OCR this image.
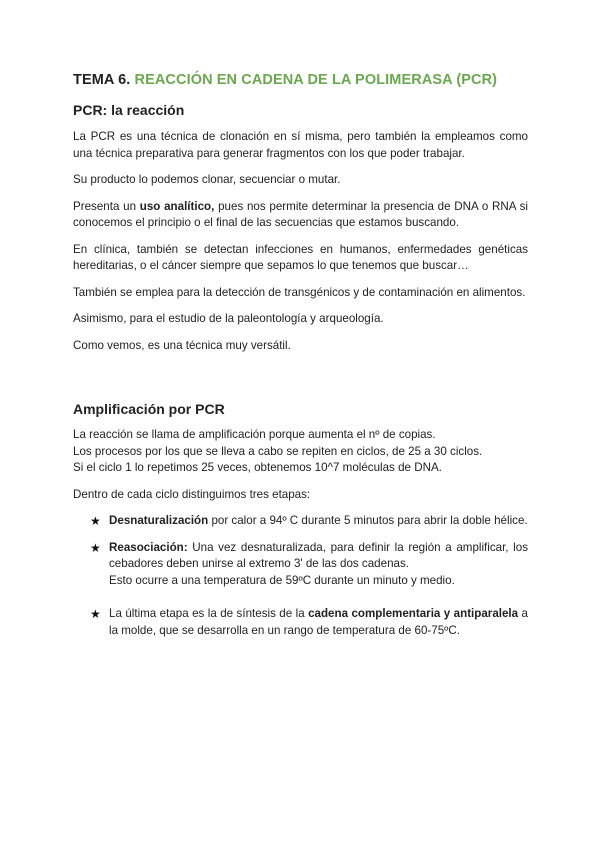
TEMA 6. REACCIÓN EN CADENA DE LA POLIMERASA (PCR)
PCR: la reacción

La PCR es una técnica de clonación en sí misma, pero también la empleamos como una técnica preparativa para generar fragmentos con los que poder trabajar.

Su producto lo podemos clonar, secuenciar o mutar.

Presenta un uso analítico, pues nos permite determinar la presencia de DNA o RNA si conocemos el principio o el final de las secuencias que estamos buscando.

En clínica, también se detectan infecciones en humanos, enfermedades genéticas hereditarias, o el cáncer siempre que sepamos lo que tenemos que buscar…

También se emplea para la detección de transgénicos y de contaminación en alimentos.

Asimismo, para el estudio de la paleontología y arqueología.

Como vemos, es una técnica muy versátil.

Amplificación por PCR

La reacción se llama de amplificación porque aumenta el nº de copias.
Los procesos por los que se lleva a cabo se repiten en ciclos, de 25 a 30 ciclos.
Si el ciclo 1 lo repetimos 25 veces, obtenemos 10^7 moléculas de DNA.

Dentro de cada ciclo distinguimos tres etapas:

★ Desnaturalización por calor a 94º C durante 5 minutos para abrir la doble hélice.
★ Reasociación: Una vez desnaturalizada, para definir la región a amplificar, los cebadores deben unirse al extremo 3' de las dos cadenas.
Esto ocurre a una temperatura de 59ºC durante un minuto y medio.
★ La última etapa es la de síntesis de la cadena complementaria y antiparalela a la molde, que se desarrolla en un rango de temperatura de 60-75ºC.
